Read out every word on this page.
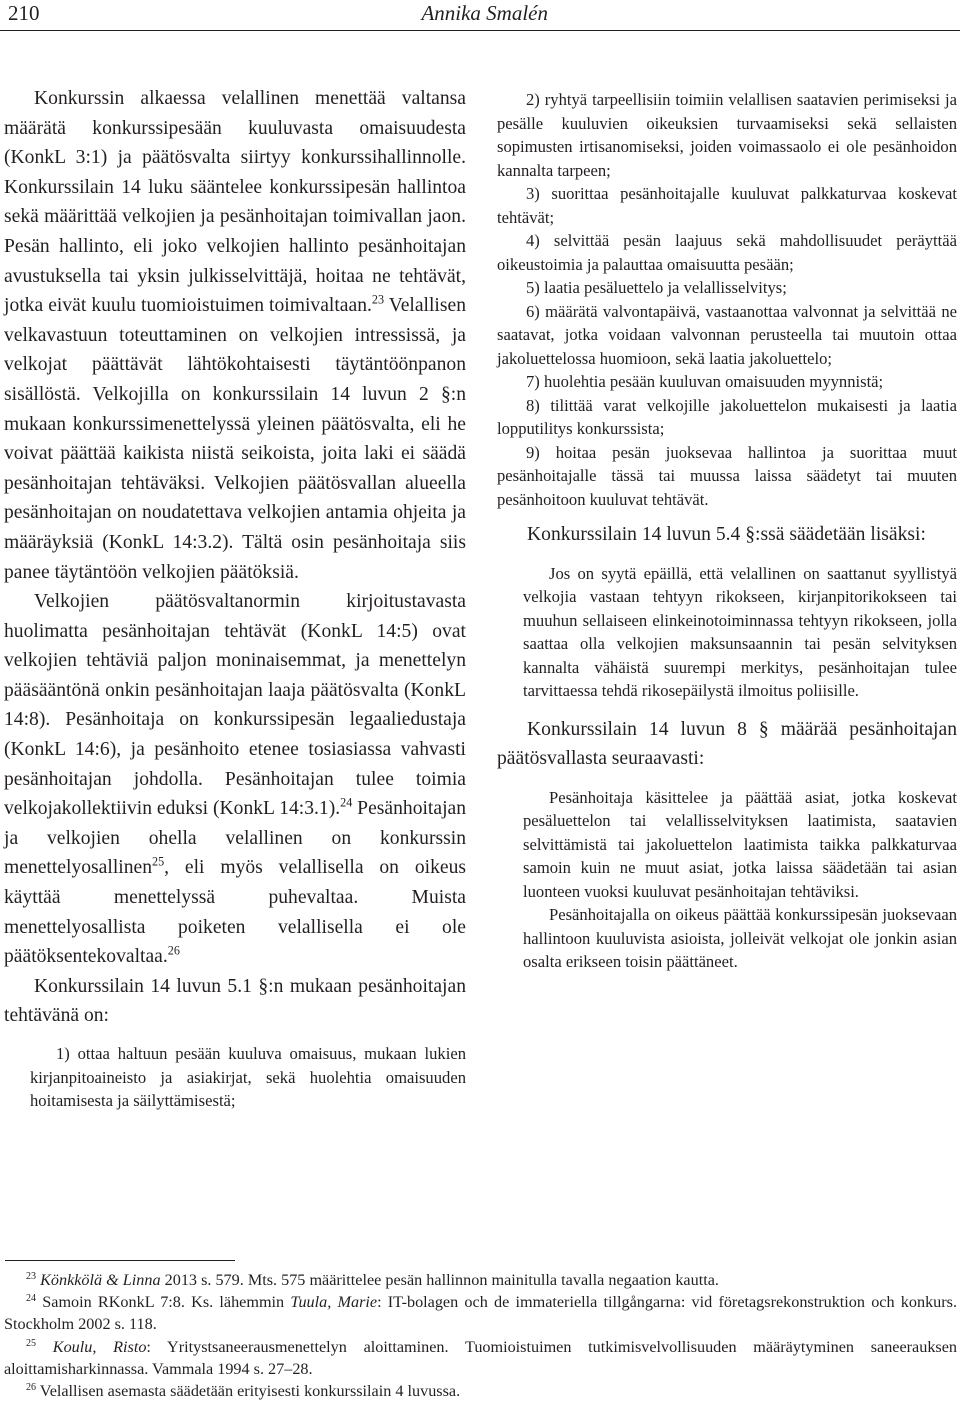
210	Annika Smalén

Konkurssin alkaessa velallinen menettää valtansa määrätä konkurssipesään kuuluvasta omaisuudesta (KonkL 3:1) ja päätösvalta siirtyy konkurssihallinnolle. Konkurssilain 14 luku sääntelee konkurssipesän hallintoa sekä määrittää velkojien ja pesänhoitajan toimivallan jaon. Pesän hallinto, eli joko velkojien hallinto pesänhoitajan avustuksella tai yksin julkisselvittäjä, hoitaa ne tehtävät, jotka eivät kuulu tuomioistuimen toimivaltaan.$^{23}$ Velallisen velkavastuun toteuttaminen on velkojien intressissä, ja velkojat päättävät lähtökohtaisesti täytäntöönpanon sisällöstä. Velkojilla on konkurssilain 14 luvun 2 §:n mukaan konkurssimenettelyssä yleinen päätösvalta, eli he voivat päättää kaikista niistä seikoista, joita laki ei säädä pesänhoitajan tehtäväksi. Velkojien päätösvallan alueella pesänhoitajan on noudatettava velkojien antamia ohjeita ja määräyksiä (KonkL 14:3.2). Tältä osin pesänhoitaja siis panee täytäntöön velkojien päätöksiä.

Velkojien päätösvaltanormin kirjoitustavasta huolimatta pesänhoitajan tehtävät (KonkL 14:5) ovat velkojien tehtäviä paljon moninaisemmat, ja menettelyn pääsääntönä onkin pesänhoitajan laaja päätösvalta (KonkL 14:8). Pesänhoitaja on konkurssipesän legaaliedustaja (KonkL 14:6), ja pesänhoito etenee tosiasiassa vahvasti pesänhoitajan johdolla. Pesänhoitajan tulee toimia velkojakollektiivin eduksi (KonkL 14:3.1).$^{24}$ Pesänhoitajan ja velkojien ohella velallinen on konkurssin menettelyosallinen$^{25}$, eli myös velallisella on oikeus käyttää menettelyssä puhevaltaa. Muista menettelyosallista poiketen velallisella ei ole päätöksentekovaltaa.$^{26}$

Konkurssilain 14 luvun 5.1 §:n mukaan pesänhoitajan tehtävänä on:

1) ottaa haltuun pesään kuuluva omaisuus, mukaan lukien kirjanpitoaineisto ja asiakirjat, sekä huolehtia omaisuuden hoitamisesta ja säilyttämisestä;

2) ryhtyä tarpeellisiin toimiin velallisen saatavien perimiseksi ja pesälle kuuluvien oikeuksien turvaamiseksi sekä sellaisten sopimusten irtisanomiseksi, joiden voimassaolo ei ole pesänhoidon kannalta tarpeen;

3) suorittaa pesänhoitajalle kuuluvat palkkaturvaa koskevat tehtävät;

4) selvittää pesän laajuus sekä mahdollisuudet peräyttää oikeustoimia ja palauttaa omaisuutta pesään;

5) laatia pesäluettelo ja velallisselvitys;

6) määrätä valvontapäivä, vastaanottaa valvonnat ja selvittää ne saatavat, jotka voidaan valvonnan perusteella tai muutoin ottaa jakoluettelossa huomioon, sekä laatia jakoluettelo;

7) huolehtia pesään kuuluvan omaisuuden myynnistä;

8) tilittää varat velkojille jakoluettelon mukaisesti ja laatia lopputilitys konkurssista;

9) hoitaa pesän juoksevaa hallintoa ja suorittaa muut pesänhoitajalle tässä tai muussa laissa säädetyt tai muuten pesänhoitoon kuuluvat tehtävät.

Konkurssilain 14 luvun 5.4 §:ssä säädetään lisäksi:

Jos on syytä epäillä, että velallinen on saattanut syyllistyä velkojia vastaan tehtyyn rikokseen, kirjanpitorikokseen tai muuhun sellaiseen elinkeinotoiminnassa tehtyyn rikokseen, jolla saattaa olla velkojien maksunsaannin tai pesän selvityksen kannalta vähäistä suurempi merkitys, pesänhoitajan tulee tarvittaessa tehdä rikosepäilystä ilmoitus poliisille.

Konkurssilain 14 luvun 8 § määrää pesänhoitajan päätösvallasta seuraavasti:

Pesänhoitaja käsittelee ja päättää asiat, jotka koskevat pesäluettelon tai velallisselvityksen laatimista, saatavien selvittämistä tai jakoluettelon laatimista taikka palkkaturvaa samoin kuin ne muut asiat, jotka laissa säädetään tai asian luonteen vuoksi kuuluvat pesänhoitajan tehtäviksi.

Pesänhoitajalla on oikeus päättää konkurssipesän juoksevaan hallintoon kuuluvista asioista, jolleivät velkojat ole jonkin asian osalta erikseen toisin päättäneet.

$^{23}$ Könkkölä & Linna 2013 s. 579. Mts. 575 määrittelee pesän hallinnon mainitulla tavalla negaation kautta.

$^{24}$ Samoin RKonkL 7:8. Ks. lähemmin Tuula, Marie: IT-bolagen och de immateriella tillgångarna: vid företagsrekonstruktion och konkurs. Stockholm 2002 s. 118.

$^{25}$ Koulu, Risto: Yritystsaneerausmenettelyn aloittaminen. Tuomioistuimen tutkimisvelvollisuuden määräytyminen saneerauksen aloittamisharkinnassa. Vammala 1994 s. 27–28.

$^{26}$ Velallisen asemasta säädetään erityisesti konkurssilain 4 luvussa.
